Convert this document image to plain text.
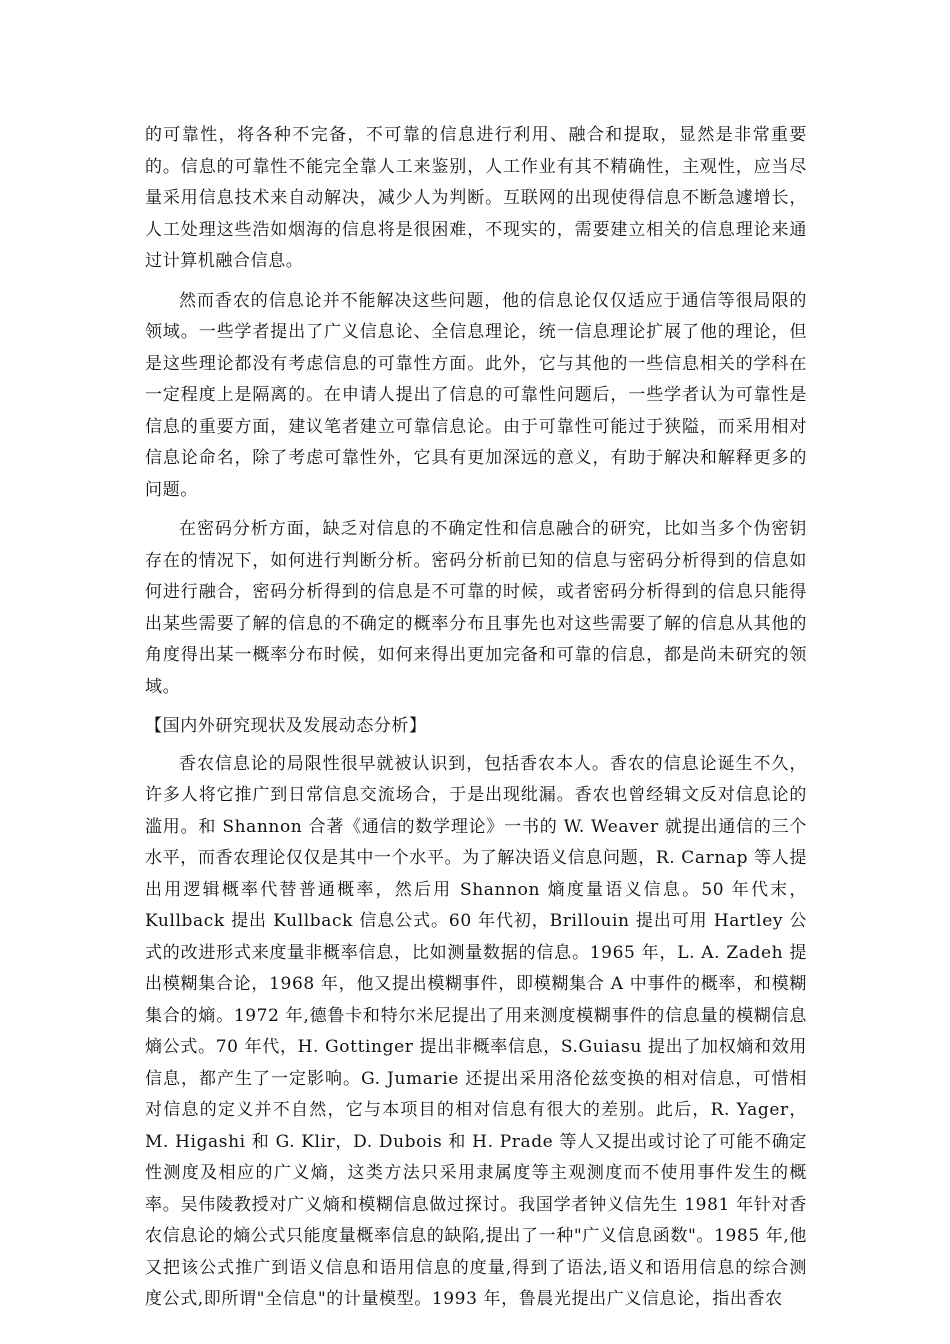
的可靠性，将各种不完备，不可靠的信息进行利用、融合和提取，显然是非常重要的。信息的可靠性不能完全靠人工来鉴别，人工作业有其不精确性，主观性，应当尽量采用信息技术来自动解决，减少人为判断。互联网的出现使得信息不断急遽增长，人工处理这些浩如烟海的信息将是很困难，不现实的，需要建立相关的信息理论来通过计算机融合信息。

然而香农的信息论并不能解决这些问题，他的信息论仅仅适应于通信等很局限的领域。一些学者提出了广义信息论、全信息理论，统一信息理论扩展了他的理论，但是这些理论都没有考虑信息的可靠性方面。此外，它与其他的一些信息相关的学科在一定程度上是隔离的。在申请人提出了信息的可靠性问题后，一些学者认为可靠性是信息的重要方面，建议笔者建立可靠信息论。由于可靠性可能过于狭隘，而采用相对信息论命名，除了考虑可靠性外，它具有更加深远的意义，有助于解决和解释更多的问题。

在密码分析方面，缺乏对信息的不确定性和信息融合的研究，比如当多个伪密钥存在的情况下，如何进行判断分析。密码分析前已知的信息与密码分析得到的信息如何进行融合，密码分析得到的信息是不可靠的时候，或者密码分析得到的信息只能得出某些需要了解的信息的不确定的概率分布且事先也对这些需要了解的信息从其他的角度得出某一概率分布时候，如何来得出更加完备和可靠的信息，都是尚未研究的领域。

【国内外研究现状及发展动态分析】

香农信息论的局限性很早就被认识到，包括香农本人。香农的信息论诞生不久，许多人将它推广到日常信息交流场合，于是出现纰漏。香农也曾经辑文反对信息论的滥用。和 Shannon 合著《通信的数学理论》一书的 W. Weaver 就提出通信的三个水平，而香农理论仅仅是其中一个水平。为了解决语义信息问题，R. Carnap 等人提出用逻辑概率代替普通概率，然后用 Shannon 熵度量语义信息。50 年代末，Kullback 提出 Kullback 信息公式。60 年代初，Brillouin 提出可用 Hartley 公式的改进形式来度量非概率信息，比如测量数据的信息。1965 年，L. A. Zadeh 提出模糊集合论，1968 年，他又提出模糊事件，即模糊集合 A 中事件的概率，和模糊集合的熵。1972 年,德鲁卡和特尔米尼提出了用来测度模糊事件的信息量的模糊信息熵公式。70 年代，H. Gottinger 提出非概率信息，S.Guiasu 提出了加权熵和效用信息，都产生了一定影响。G. Jumarie 还提出采用洛伦兹变换的相对信息，可惜相对信息的定义并不自然，它与本项目的相对信息有很大的差别。此后，R. Yager，M. Higashi 和 G. Klir，D. Dubois 和 H. Prade 等人又提出或讨论了可能不确定性测度及相应的广义熵，这类方法只采用隶属度等主观测度而不使用事件发生的概率。吴伟陵教授对广义熵和模糊信息做过探讨。我国学者钟义信先生 1981 年针对香农信息论的熵公式只能度量概率信息的缺陷,提出了一种"广义信息函数"。1985 年,他又把该公式推广到语义信息和语用信息的度量,得到了语法,语义和语用信息的综合测度公式,即所谓"全信息"的计量模型。1993 年，鲁晨光提出广义信息论，指出香农
